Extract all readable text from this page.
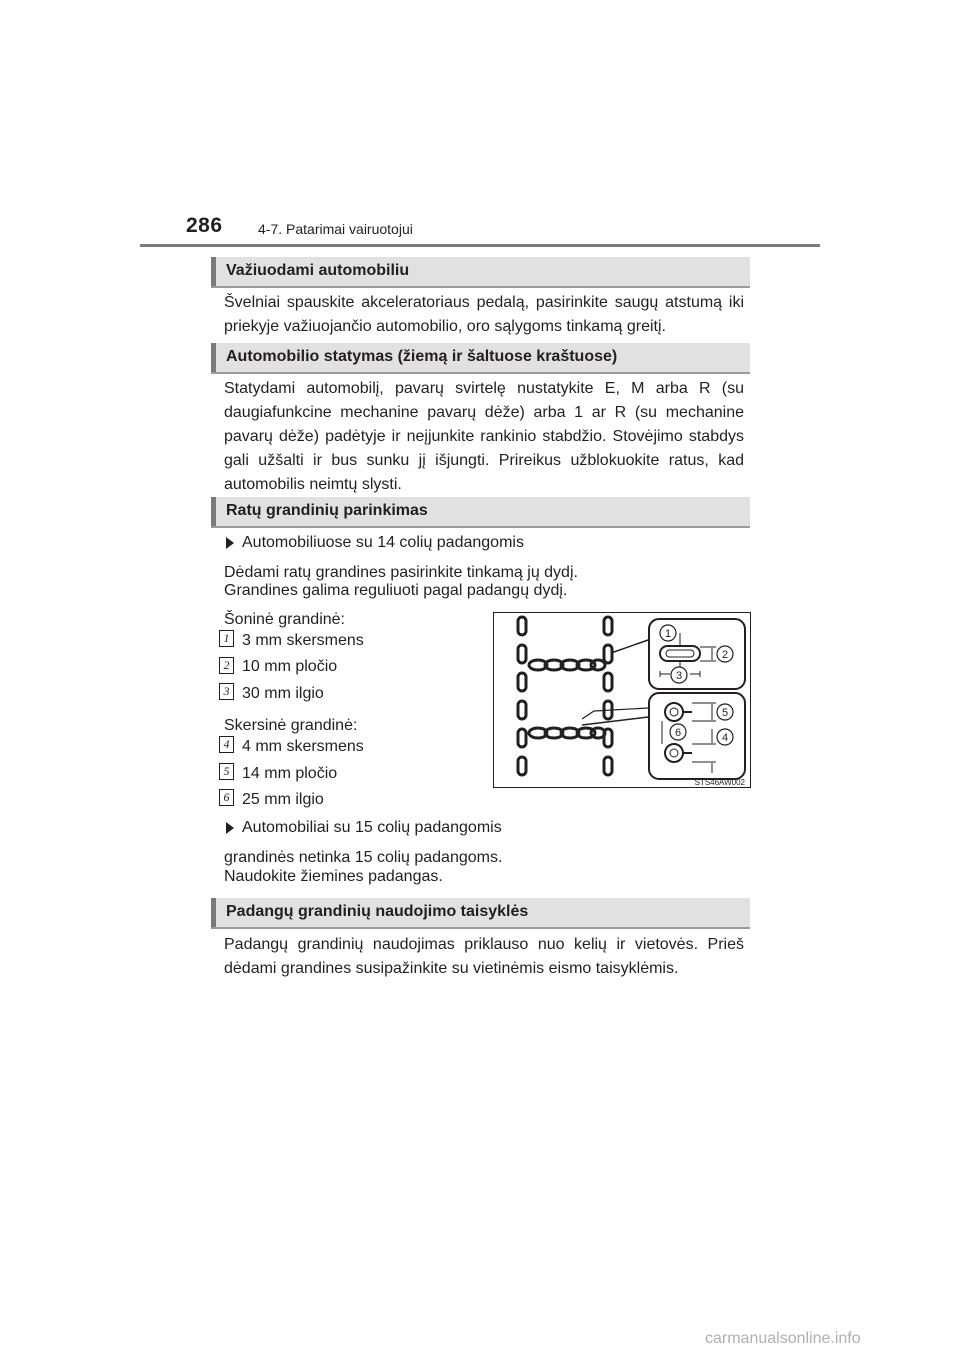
286	4-7. Patarimai vairuotojui
Važiuodami automobiliu
Švelniai spauskite akceleratoriaus pedalą, pasirinkite saugų atstumą iki priekyje važiuojančio automobilio, oro sąlygoms tinkamą greitį.
Automobilio statymas (žiemą ir šaltuose kraštuose)
Statydami automobilį, pavarų svirtelę nustatykite E, M arba R (su daugiafunkcine mechanine pavarų dėže) arba 1 ar R (su mechanine pavarų dėže) padėtyje ir neįjunkite rankinio stabdžio. Stovėjimo stabdys gali užšalti ir bus sunku jį išjungti. Prireikus užblokuokite ratus, kad automobilis neimtų slysti.
Ratų grandinių parinkimas
Automobiliuose su 14 colių padangomis
Dėdami ratų grandines pasirinkite tinkamą jų dydį.
Grandines galima reguliuoti pagal padangų dydį.
Šoninė grandinė:
1 3 mm skersmens
2 10 mm pločio
3 30 mm ilgio
Skersinė grandinė:
4 4 mm skersmens
5 14 mm pločio
6 25 mm ilgio
Automobiliai su 15 colių padangomis
grandinės netinka 15 colių padangoms.
Naudokite žiemines padangas.
1
2
3
4
5
6
STS46AW002
Padangų grandinių naudojimo taisyklės
Padangų grandinių naudojimas priklauso nuo kelių ir vietovės. Prieš dėdami grandines susipažinkite su vietinėmis eismo taisyklėmis.
carmanualsonline.info
